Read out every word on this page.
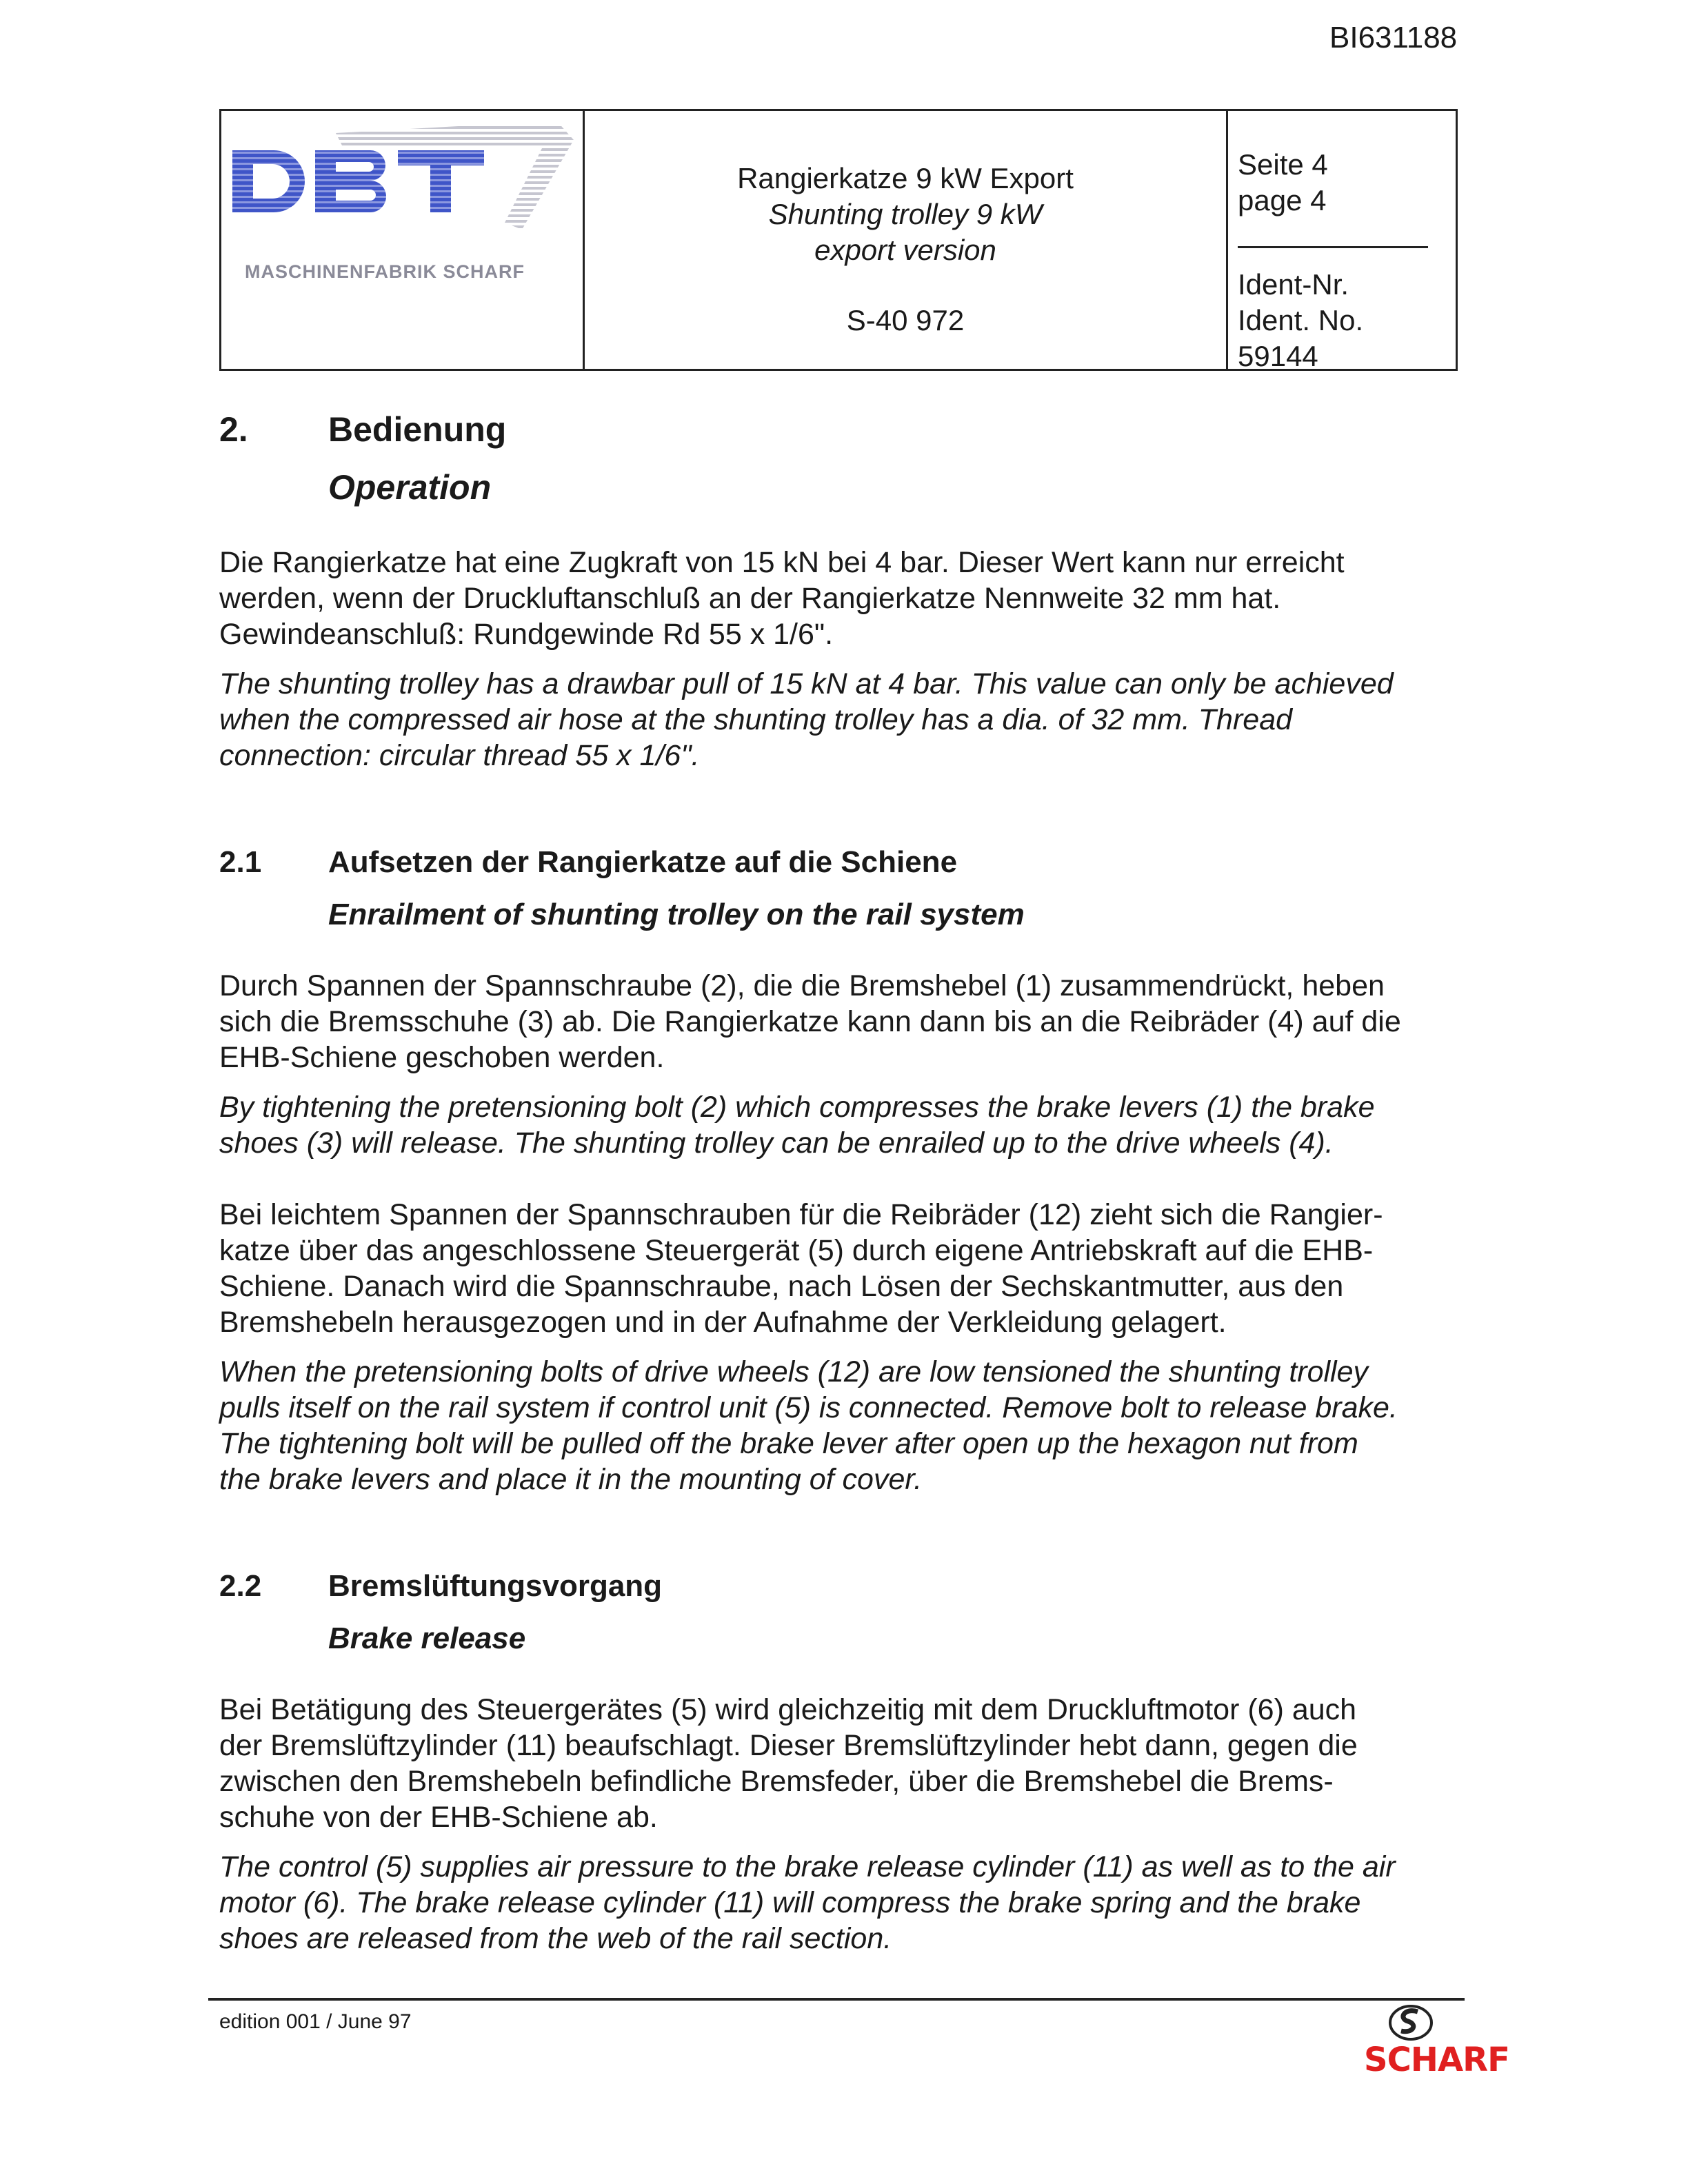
BI631188
MASCHINENFABRIK SCHARF
Rangierkatze 9 kW Export
Shunting trolley 9 kW
export version
S-40 972
Seite 4
page 4
Ident-Nr.
Ident. No.
59144
2. Bedienung
Operation
Die Rangierkatze hat eine Zugkraft von 15 kN bei 4 bar. Dieser Wert kann nur erreicht
werden, wenn der Druckluftanschluß an der Rangierkatze Nennweite 32 mm hat.
Gewindeanschluß: Rundgewinde Rd 55 x 1/6".
The shunting trolley has a drawbar pull of 15 kN at 4 bar. This value can only be achieved
when the compressed air hose at the shunting trolley has a dia. of 32 mm. Thread
connection: circular thread 55 x 1/6".
2.1 Aufsetzen der Rangierkatze auf die Schiene
Enrailment of shunting trolley on the rail system
Durch Spannen der Spannschraube (2), die die Bremshebel (1) zusammendrückt, heben
sich die Bremsschuhe (3) ab. Die Rangierkatze kann dann bis an die Reibräder (4) auf die
EHB-Schiene geschoben werden.
By tightening the pretensioning bolt (2) which compresses the brake levers (1) the brake
shoes (3) will release. The shunting trolley can be enrailed up to the drive wheels (4).
Bei leichtem Spannen der Spannschrauben für die Reibräder (12) zieht sich die Rangier-
katze über das angeschlossene Steuergerät (5) durch eigene Antriebskraft auf die EHB-
Schiene. Danach wird die Spannschraube, nach Lösen der Sechskantmutter, aus den
Bremshebeln herausgezogen und in der Aufnahme der Verkleidung gelagert.
When the pretensioning bolts of drive wheels (12) are low tensioned the shunting trolley
pulls itself on the rail system if control unit (5) is connected. Remove bolt to release brake.
The tightening bolt will be pulled off the brake lever after open up the hexagon nut from
the brake levers and place it in the mounting of cover.
2.2 Bremslüftungsvorgang
Brake release
Bei Betätigung des Steuergerätes (5) wird gleichzeitig mit dem Druckluftmotor (6) auch
der Bremslüftzylinder (11) beaufschlagt. Dieser Bremslüftzylinder hebt dann, gegen die
zwischen den Bremshebeln befindliche Bremsfeder, über die Bremshebel die Brems-
schuhe von der EHB-Schiene ab.
The control (5) supplies air pressure to the brake release cylinder (11) as well as to the air
motor (6). The brake release cylinder (11) will compress the brake spring and the brake
shoes are released from the web of the rail section.
edition 001 / June 97
SCHARF
